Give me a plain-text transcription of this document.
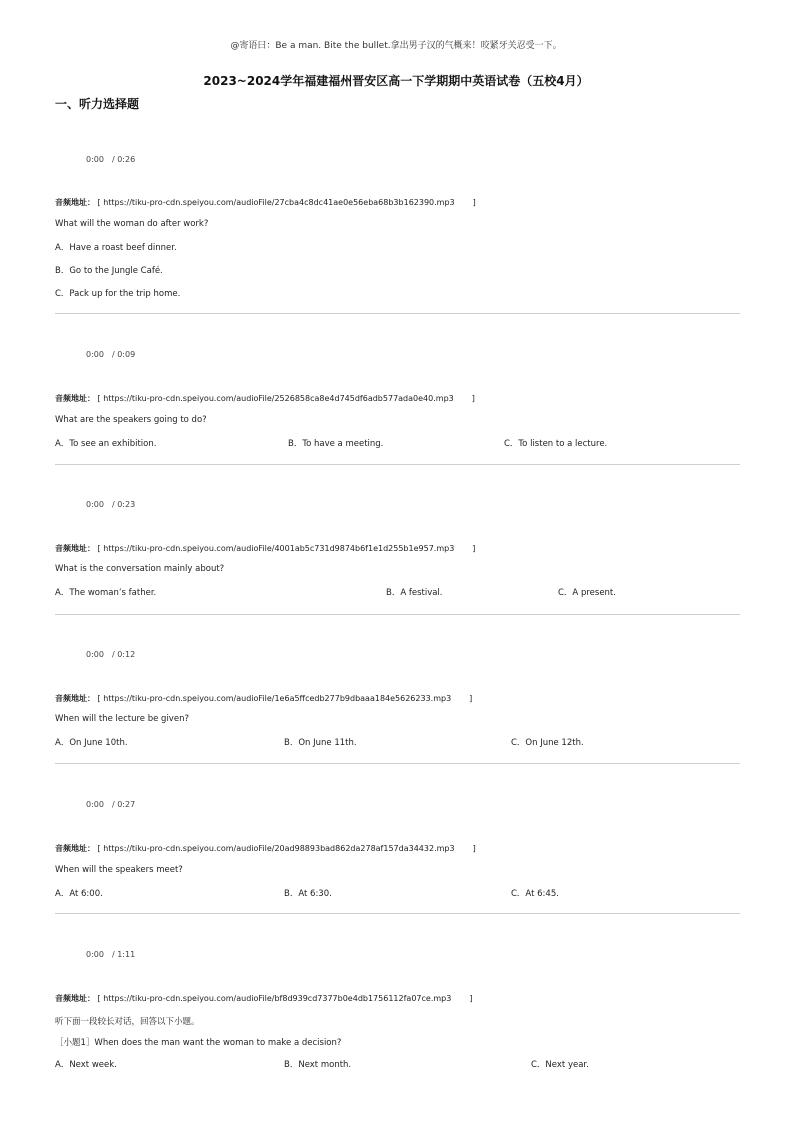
@寄语曰：Be a man. Bite the bullet.拿出男子汉的气概来！咬紧牙关忍受一下。
2023~2024学年福建福州晋安区高一下学期期中英语试卷（五校4月）
一、听力选择题
0:00 / 0:26
音频地址： [ https://tiku-pro-cdn.speiyou.com/audioFile/27cba4c8dc41ae0e56eba68b3b162390.mp3 ]
What will the woman do after work?
A．Have a roast beef dinner.
B．Go to the Jungle Café.
C．Pack up for the trip home.
0:00 / 0:09
音频地址： [ https://tiku-pro-cdn.speiyou.com/audioFile/2526858ca8e4d745df6adb577ada0e40.mp3 ]
What are the speakers going to do?
A．To see an exhibition.	B．To have a meeting.	C．To listen to a lecture.
0:00 / 0:23
音频地址： [ https://tiku-pro-cdn.speiyou.com/audioFile/4001ab5c731d9874b6f1e1d255b1e957.mp3 ]
What is the conversation mainly about?
A．The woman’s father.	B．A festival.	C．A present.
0:00 / 0:12
音频地址： [ https://tiku-pro-cdn.speiyou.com/audioFile/1e6a5ffcedb277b9dbaaa184e5626233.mp3 ]
When will the lecture be given?
A．On June 10th.	B．On June 11th.	C．On June 12th.
0:00 / 0:27
音频地址： [ https://tiku-pro-cdn.speiyou.com/audioFile/20ad98893bad862da278af157da34432.mp3 ]
When will the speakers meet?
A．At 6:00.	B．At 6:30.	C．At 6:45.
0:00 / 1:11
音频地址： [ https://tiku-pro-cdn.speiyou.com/audioFile/bf8d939cd7377b0e4db1756112fa07ce.mp3 ]
听下面一段较长对话，回答以下小题。
［小题1］When does the man want the woman to make a decision?
A．Next week.	B．Next month.	C．Next year.
